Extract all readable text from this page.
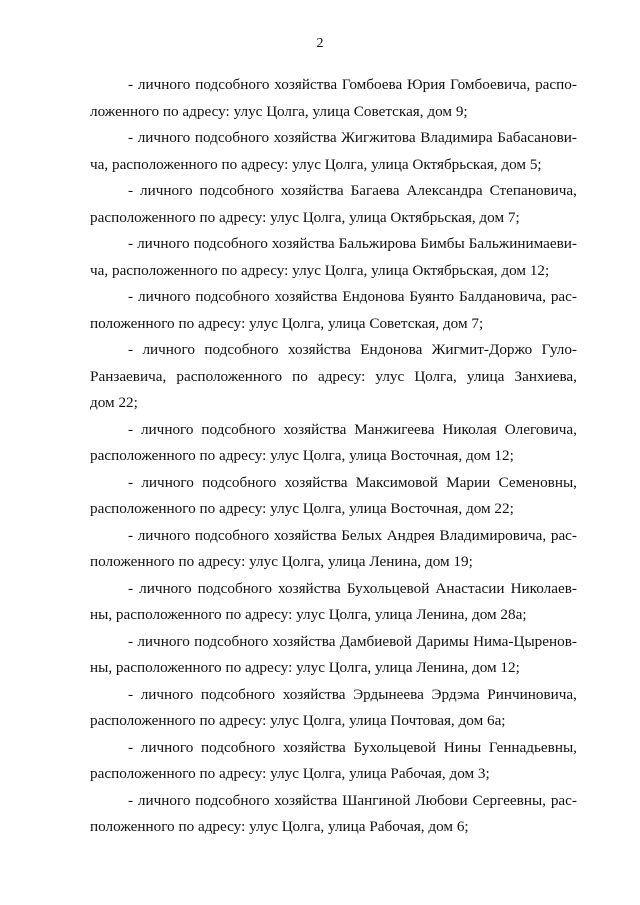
2
- личного подсобного хозяйства Гомбоева Юрия Гомбоевича, распо-
ложенного по адресу: улус Цолга, улица Советская, дом 9;
- личного подсобного хозяйства Жигжитова Владимира Бабасанови-
ча, расположенного по адресу: улус Цолга, улица Октябрьская, дом 5;
- личного подсобного хозяйства Багаева Александра Степановича,
расположенного по адресу: улус Цолга, улица Октябрьская, дом 7;
- личного подсобного хозяйства Бальжирова Бимбы Бальжинимаеви-
ча, расположенного по адресу: улус Цолга, улица Октябрьская, дом 12;
- личного подсобного хозяйства Ендонова Буянто Балдановича, рас-
положенного по адресу: улус Цолга, улица Советская, дом 7;
- личного подсобного хозяйства Ендонова Жигмит-Доржо Гуло-
Ранзаевича, расположенного по адресу: улус Цолга, улица Занхиева,
дом 22;
- личного подсобного хозяйства Манжигеева Николая Олеговича,
расположенного по адресу: улус Цолга, улица Восточная, дом 12;
- личного подсобного хозяйства Максимовой Марии Семеновны,
расположенного по адресу: улус Цолга, улица Восточная, дом 22;
- личного подсобного хозяйства Белых Андрея Владимировича, рас-
положенного по адресу: улус Цолга, улица Ленина, дом 19;
- личного подсобного хозяйства Бухольцевой Анастасии Николаев-
ны, расположенного по адресу: улус Цолга, улица Ленина, дом 28а;
- личного подсобного хозяйства Дамбиевой Даримы Нима-Цыренов-
ны, расположенного по адресу: улус Цолга, улица Ленина, дом 12;
- личного подсобного хозяйства Эрдынеева Эрдэма Ринчиновича,
расположенного по адресу: улус Цолга, улица Почтовая, дом 6а;
- личного подсобного хозяйства Бухольцевой Нины Геннадьевны,
расположенного по адресу: улус Цолга, улица Рабочая, дом 3;
- личного подсобного хозяйства Шангиной Любови Сергеевны, рас-
положенного по адресу: улус Цолга, улица Рабочая, дом 6;
